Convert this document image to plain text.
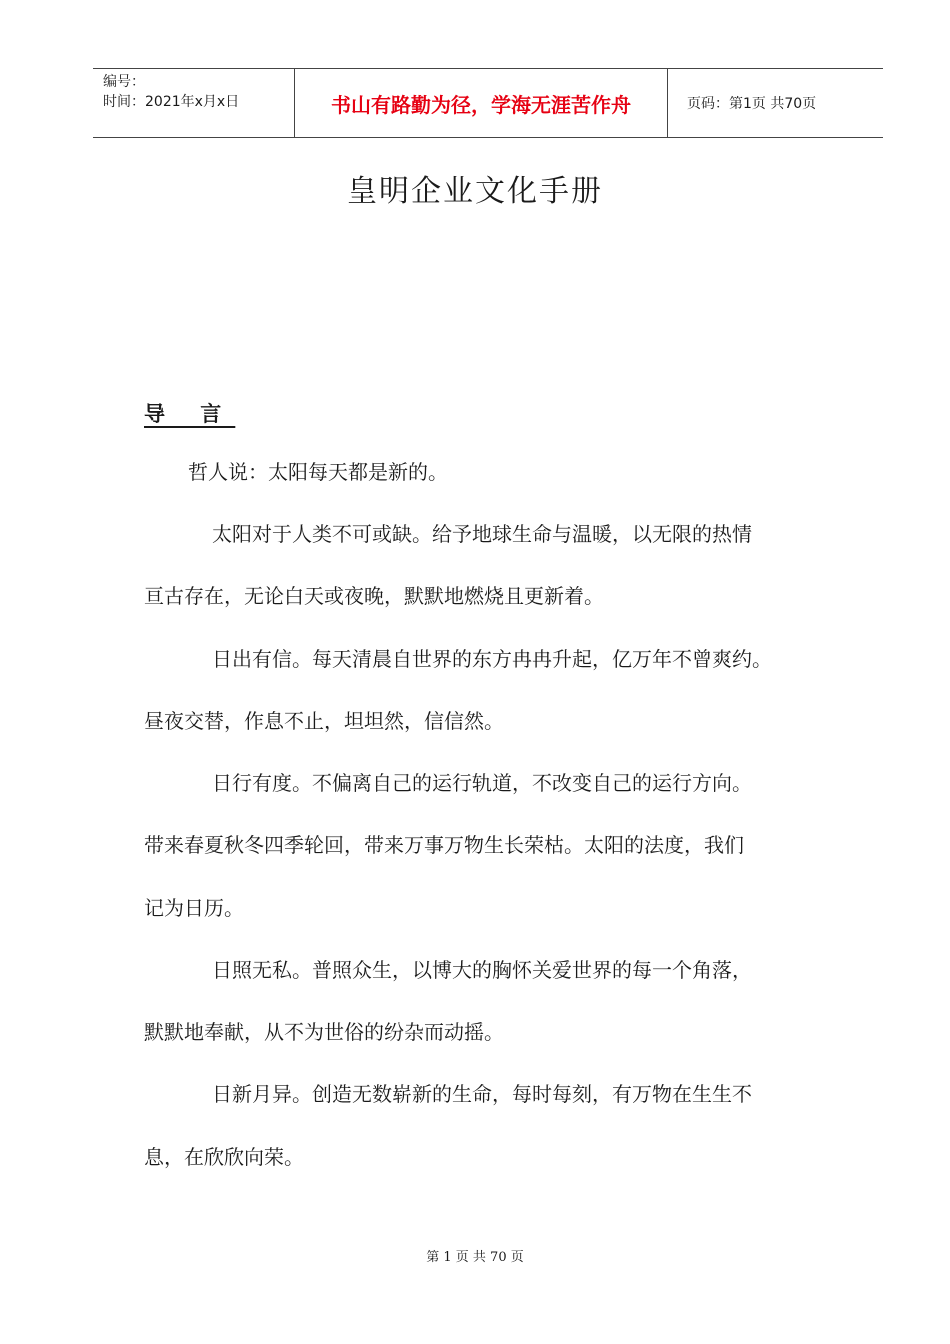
编号：
时间：2021年x月x日	书山有路勤为径，学海无涯苦作舟	页码：第1页 共70页
皇明企业文化手册
导 言
哲人说：太阳每天都是新的。
太阳对于人类不可或缺。给予地球生命与温暖，以无限的热情
亘古存在，无论白天或夜晚，默默地燃烧且更新着。
日出有信。每天清晨自世界的东方冉冉升起，亿万年不曾爽约。
昼夜交替，作息不止，坦坦然，信信然。
日行有度。不偏离自己的运行轨道，不改变自己的运行方向。
带来春夏秋冬四季轮回，带来万事万物生长荣枯。太阳的法度，我们
记为日历。
日照无私。普照众生，以博大的胸怀关爱世界的每一个角落，
默默地奉献，从不为世俗的纷杂而动摇。
日新月异。创造无数崭新的生命，每时每刻，有万物在生生不
息，在欣欣向荣。
第 1 页 共 70 页
